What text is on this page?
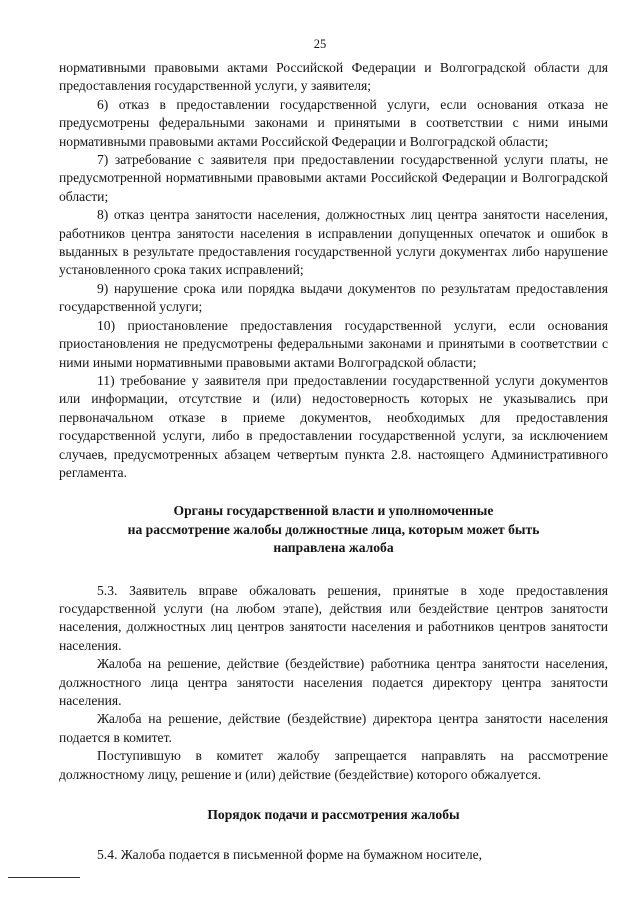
25

нормативными правовыми актами Российской Федерации и Волгоградской области для предоставления государственной услуги, у заявителя;

6) отказ в предоставлении государственной услуги, если основания отказа не предусмотрены федеральными законами и принятыми в соответствии с ними иными нормативными правовыми актами Российской Федерации и Волгоградской области;

7) затребование с заявителя при предоставлении государственной услуги платы, не предусмотренной нормативными правовыми актами Российской Федерации и Волгоградской области;

8) отказ центра занятости населения, должностных лиц центра занятости населения, работников центра занятости населения в исправлении допущенных опечаток и ошибок в выданных в результате предоставления государственной услуги документах либо нарушение установленного срока таких исправлений;

9) нарушение срока или порядка выдачи документов по результатам предоставления государственной услуги;

10) приостановление предоставления государственной услуги, если основания приостановления не предусмотрены федеральными законами и принятыми в соответствии с ними иными нормативными правовыми актами Волгоградской области;

11) требование у заявителя при предоставлении государственной услуги документов или информации, отсутствие и (или) недостоверность которых не указывались при первоначальном отказе в приеме документов, необходимых для предоставления государственной услуги, либо в предоставлении государственной услуги, за исключением случаев, предусмотренных абзацем четвертым пункта 2.8. настоящего Административного регламента.

Органы государственной власти и уполномоченные
на рассмотрение жалобы должностные лица, которым может быть
направлена жалоба

5.3. Заявитель вправе обжаловать решения, принятые в ходе предоставления государственной услуги (на любом этапе), действия или бездействие центров занятости населения, должностных лиц центров занятости населения и работников центров занятости населения.

Жалоба на решение, действие (бездействие) работника центра занятости населения, должностного лица центра занятости населения подается директору центра занятости населения.

Жалоба на решение, действие (бездействие) директора центра занятости населения подается в комитет.

Поступившую в комитет жалобу запрещается направлять на рассмотрение должностному лицу, решение и (или) действие (бездействие) которого обжалуется.

Порядок подачи и рассмотрения жалобы

5.4. Жалоба подается в письменной форме на бумажном носителе,
